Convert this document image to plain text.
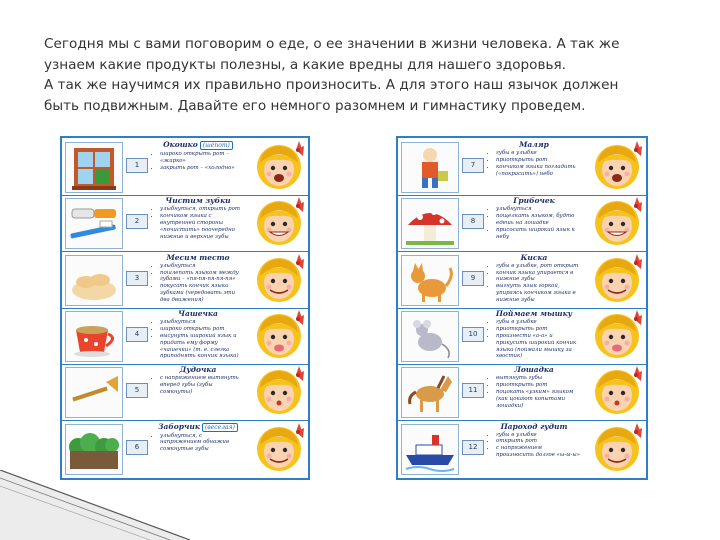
Сегодня мы с вами поговорим о еде, о ее значении в жизни человека. А так же

узнаем какие продукты полезны, а какие вредны для нашего здоровья.

А так же научимся их правильно произносить. А для этого наш язычок должен

быть подвижным. Давайте его немного разомнем и гимнастику проведем.

1
Окошко (шепот)
• широко открыть рот – «жарко»
• закрыть рот – «холодно»
2
Чистим зубки
• улыбнуться, открыть рот
• кончиком языка с внутренней стороны «почистить» поочередно нижние и верхние зубы
3
Месим тесто
• улыбнуться
• пошлепать языком между губами – «пя-пя-пя-пя-пя»
• покусать кончик языка зубками (чередовать эти два движения)
4
Чашечка
• улыбнуться
• широко открыть рот
• высунуть широкий язык и придать ему форму «чашечки» (т. е. слегка приподнять кончик языка)
5
Дудочка
• с напряжением вытянуть вперед губы (зубы сомкнуты)
6
Заборчик (веселая)
• улыбнуться, с напряжением обнажив сомкнутые зубы
7
Маляр
• губы в улыбке
• приоткрыть рот
• кончиком языка погладить («покрасить») небо
8
Грибочек
• улыбнуться
• пощелкать языком, будто едешь на лошадке
• присосать широкий язык к небу
9
Киска
• губы в улыбке, рот открыт
• кончик языка упирается в нижние зубы
• выгнуть язык горкой, упираясь кончиком языка в нижние зубы
10
Поймаем мышку
• губы в улыбке
• приоткрыть рот
• произнести «а-а» и прикусить широкий кончик языка (поймали мышку за хвостик)
11
Лошадка
• вытянуть губы
• приоткрыть рот
• поцокать «узким» языком (как цокают копытами лошадки)
12
Пароход гудит
• губы в улыбке
• открыть рот
• с напряжением произносить долгое «ы-ы-ы»
